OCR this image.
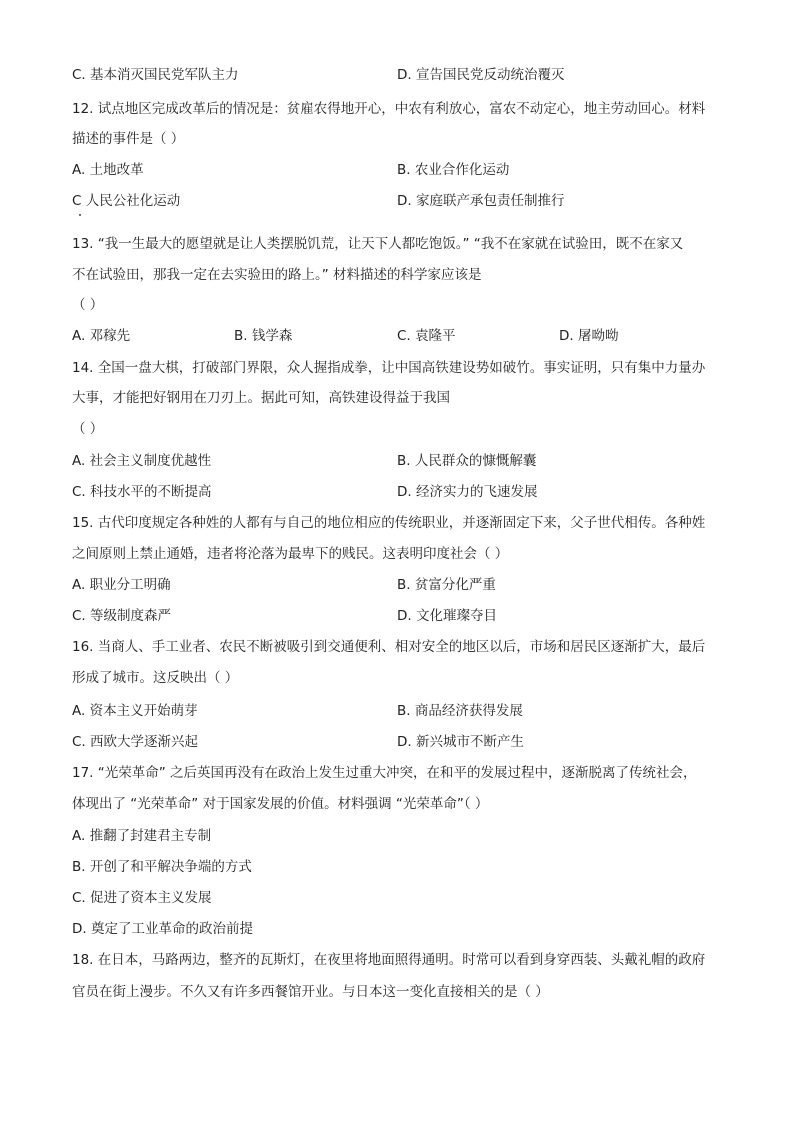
C. 基本消灭国民党军队主力	D. 宣告国民党反动统治覆灭
12. 试点地区完成改革后的情况是：贫雇农得地开心，中农有利放心，富农不动定心，地主劳动回心。材料
描述的事件是（ ）
A. 土地改革	B. 农业合作化运动
C 人民公社化运动	D. 家庭联产承包责任制推行
13. “我一生最大的愿望就是让人类摆脱饥荒，让天下人都吃饱饭。” “我不在家就在试验田，既不在家又
不在试验田，那我一定在去实验田的路上。” 材料描述的科学家应该是
（ ）
A. 邓稼先	B. 钱学森	C. 袁隆平	D. 屠呦呦
14. 全国一盘大棋，打破部门界限，众人握指成拳，让中国高铁建设势如破竹。事实证明，只有集中力量办
大事，才能把好钢用在刀刃上。据此可知，高铁建设得益于我国
（ ）
A. 社会主义制度优越性	B. 人民群众的慷慨解囊
C. 科技水平的不断提高	D. 经济实力的飞速发展
15. 古代印度规定各种姓的人都有与自己的地位相应的传统职业，并逐渐固定下来，父子世代相传。各种姓
之间原则上禁止通婚，违者将沦落为最卑下的贱民。这表明印度社会（ ）
A. 职业分工明确	B. 贫富分化严重
C. 等级制度森严	D. 文化璀璨夺目
16. 当商人、手工业者、农民不断被吸引到交通便利、相对安全的地区以后，市场和居民区逐渐扩大，最后
形成了城市。这反映出（ ）
A. 资本主义开始萌芽	B. 商品经济获得发展
C. 西欧大学逐渐兴起	D. 新兴城市不断产生
17. “光荣革命” 之后英国再没有在政治上发生过重大冲突，在和平的发展过程中，逐渐脱离了传统社会，
体现出了 “光荣革命” 对于国家发展的价值。材料强调 “光荣革命”（ ）
A. 推翻了封建君主专制
B. 开创了和平解决争端的方式
C. 促进了资本主义发展
D. 奠定了工业革命的政治前提
18. 在日本，马路两边，整齐的瓦斯灯，在夜里将地面照得通明。时常可以看到身穿西装、头戴礼帽的政府
官员在街上漫步。不久又有许多西餐馆开业。与日本这一变化直接相关的是（ ）
